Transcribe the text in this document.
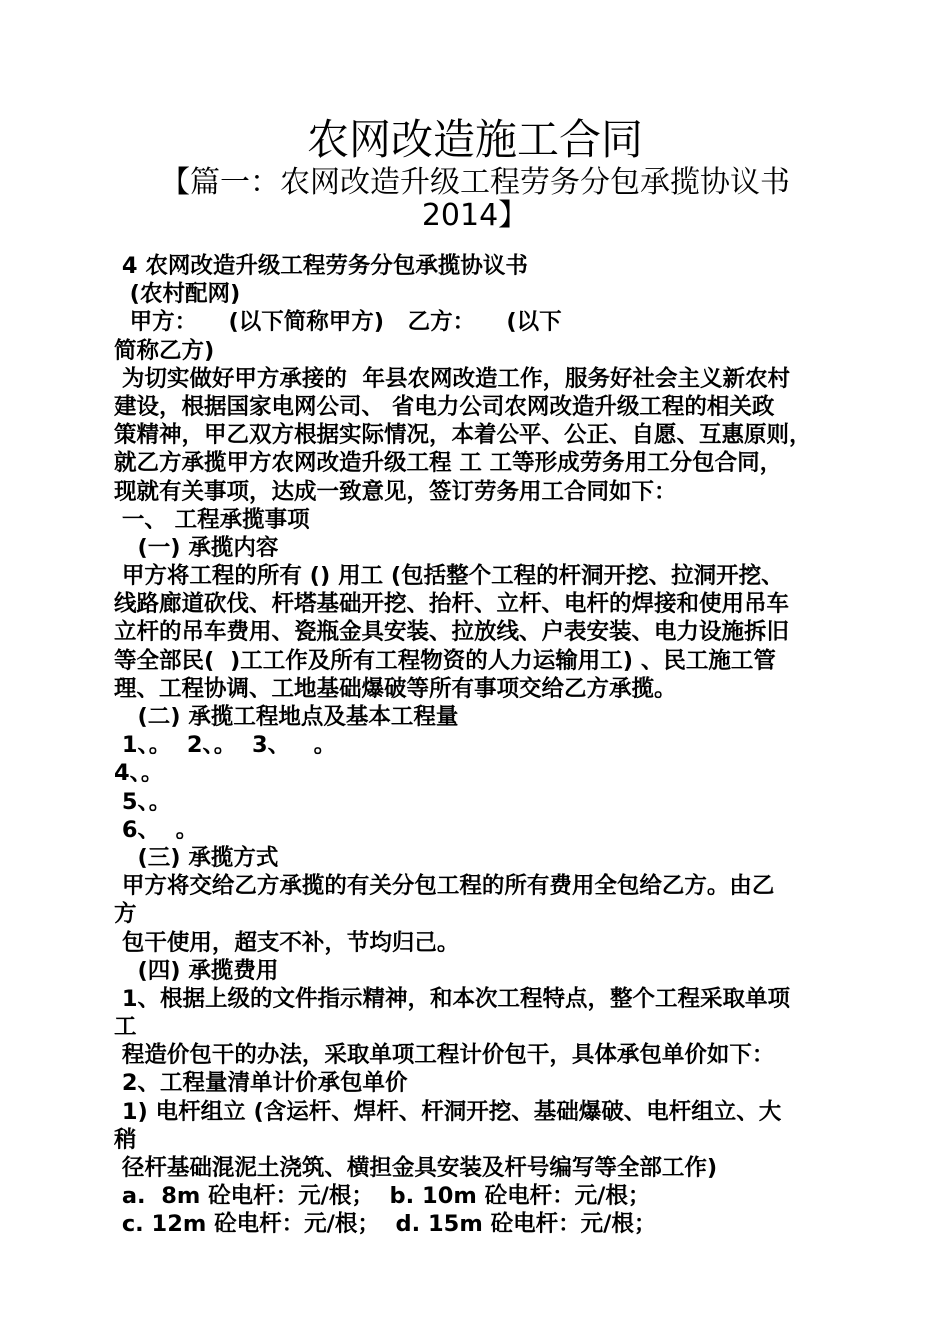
农网改造施工合同
【篇一：农网改造升级工程劳务分包承揽协议书
2014】
4 农网改造升级工程劳务分包承揽协议书
(农村配网)
甲方：    (以下简称甲方)   乙方：    (以下
简称乙方)
为切实做好甲方承接的  年县农网改造工作，服务好社会主义新农村
建设，根据国家电网公司、 省电力公司农网改造升级工程的相关政
策精神，甲乙双方根据实际情况，本着公平、公正、自愿、互惠原则，
就乙方承揽甲方农网改造升级工程 工 工等形成劳务用工分包合同，
现就有关事项，达成一致意见，签订劳务用工合同如下：
一、 工程承揽事项
(一) 承揽内容
甲方将工程的所有 () 用工 (包括整个工程的杆洞开挖、拉洞开挖、
线路廊道砍伐、杆塔基础开挖、抬杆、立杆、电杆的焊接和使用吊车
立杆的吊车费用、瓷瓶金具安装、拉放线、户表安装、电力设施拆旧
等全部民(  )工工作及所有工程物资的人力运输用工) 、民工施工管
理、工程协调、工地基础爆破等所有事项交给乙方承揽。
(二) 承揽工程地点及基本工程量
1、。  2、。  3、   。
4、。
5、。
6、  。
(三) 承揽方式
甲方将交给乙方承揽的有关分包工程的所有费用全包给乙方。由乙
方
包干使用，超支不补，节均归己。
(四) 承揽费用
1、根据上级的文件指示精神，和本次工程特点，整个工程采取单项
工
程造价包干的办法，采取单项工程计价包干，具体承包单价如下：
2、工程量清单计价承包单价
1) 电杆组立 (含运杆、焊杆、杆洞开挖、基础爆破、电杆组立、大
稍
径杆基础混泥土浇筑、横担金具安装及杆号编写等全部工作)
a.  8m 砼电杆：元/根；  b. 10m 砼电杆：元/根；
c. 12m 砼电杆：元/根；  d. 15m 砼电杆：元/根；
